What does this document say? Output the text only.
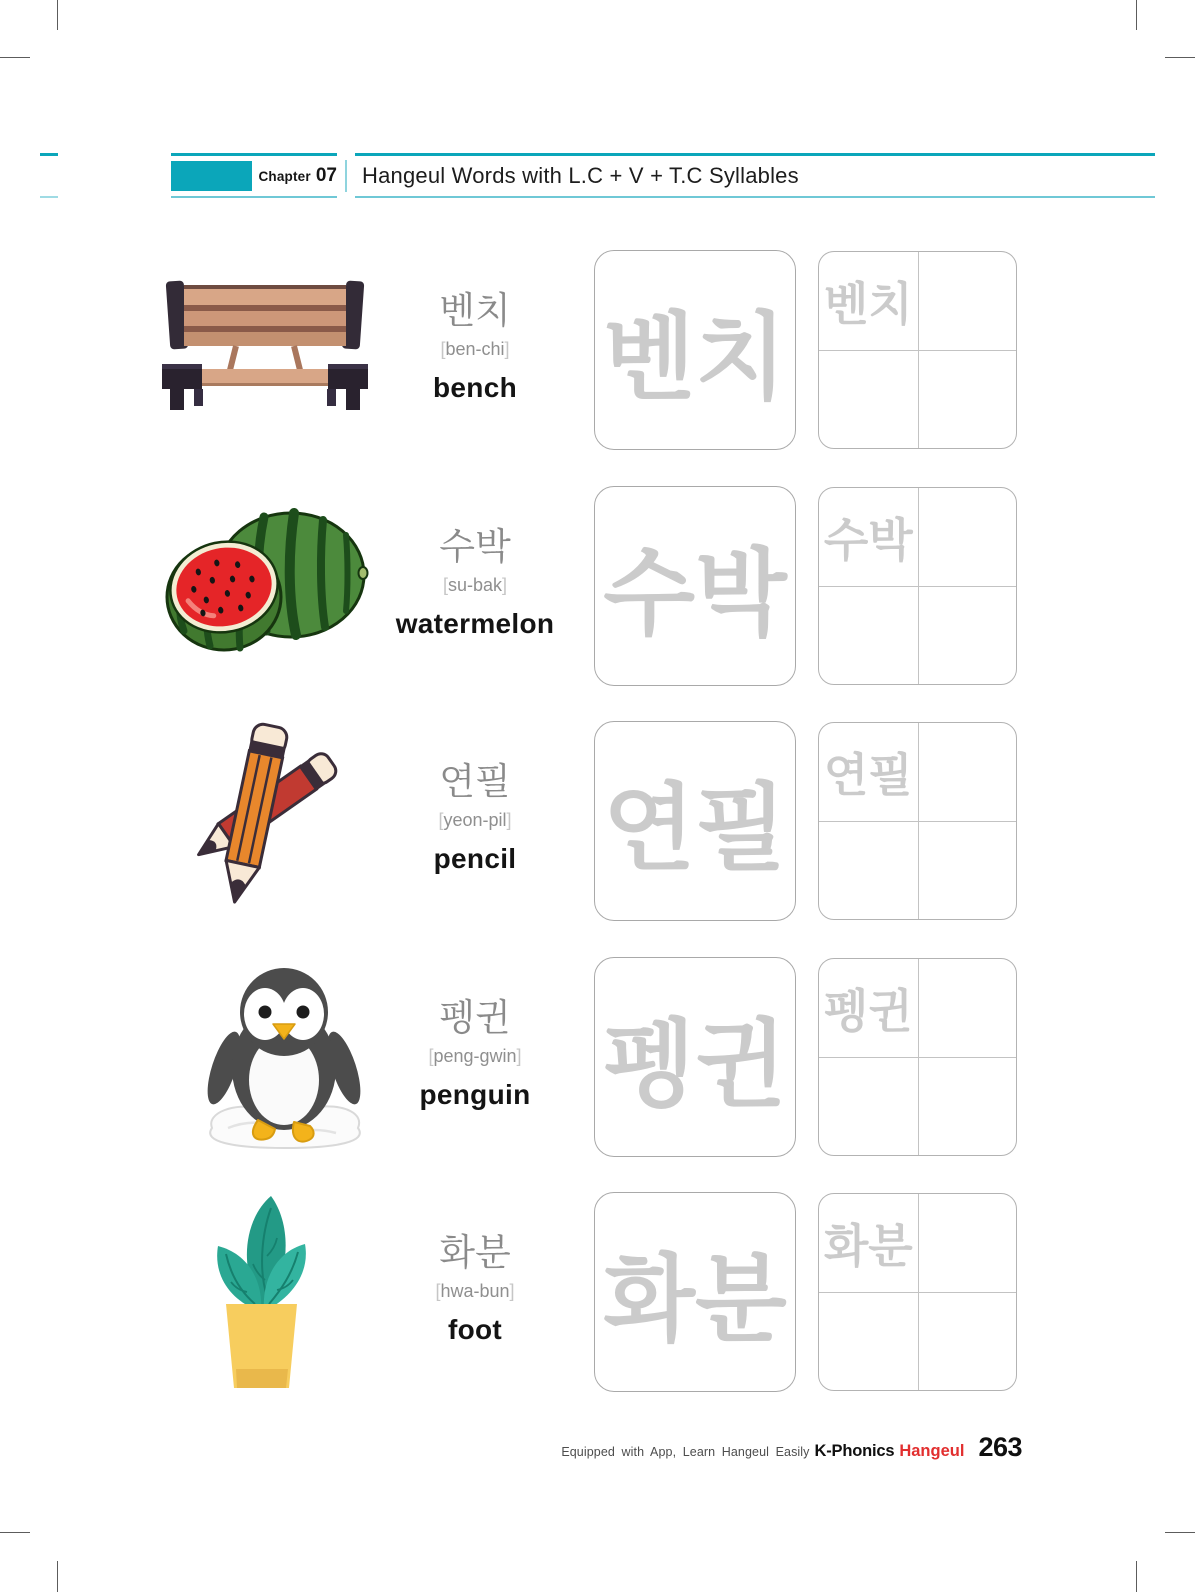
Chapter 07 Hangeul Words with L.C + V + T.C Syllables
벤치
[ben-chi]
bench 벤치
벤치
수박
[su-bak]
watermelon 수박
수박
연필
[yeon-pil]
pencil 연필
연필
펭귄
[peng-gwin]
penguin 펭귄
펭귄
화분
[hwa-bun]
foot	화분
화분
Equipped with App, Learn Hangeul Easily K-Phonics Hangeul 263
